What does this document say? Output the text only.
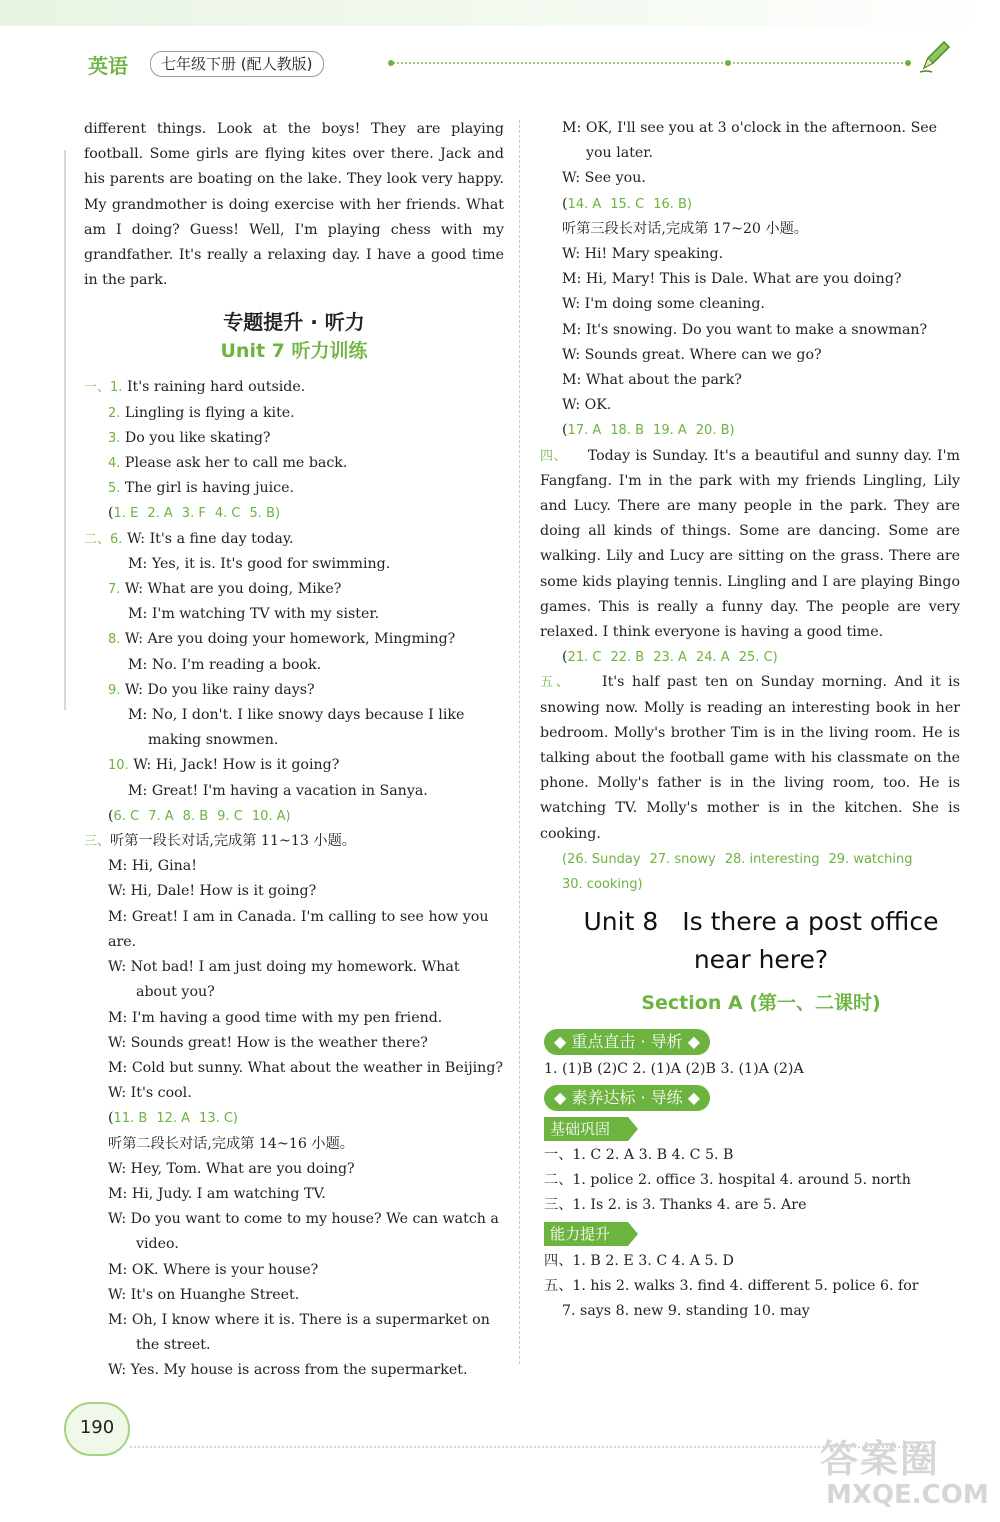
英语	七年级下册 (配人教版)

different things. Look at the boys! They are playing football. Some girls are flying kites over there. Jack and his parents are boating on the lake. They look very happy. My grandmother is doing exercise with her friends. What am I doing? Guess! Well, I'm playing chess with my grandfather. It's really a relaxing day. I have a good time in the park.

专题提升 · 听力
Unit 7 听力训练

一、1. It's raining hard outside.

2. Lingling is flying a kite.

3. Do you like skating?

4. Please ask her to call me back.

5. The girl is having juice.

(1. E 2. A 3. F 4. C 5. B)

二、6. W: It's a fine day today.

M: Yes, it is. It's good for swimming.

7. W: What are you doing, Mike?

M: I'm watching TV with my sister.

8. W: Are you doing your homework, Mingming?

M: No. I'm reading a book.

9. W: Do you like rainy days?

M: No, I don't. I like snowy days because I like making snowmen.

10. W: Hi, Jack! How is it going?

M: Great! I'm having a vacation in Sanya.

(6. C 7. A 8. B 9. C 10. A)

三、听第一段长对话,完成第 11~13 小题。

M: Hi, Gina!

W: Hi, Dale! How is it going?

M: Great! I am in Canada. I'm calling to see how you are.

W: Not bad! I am just doing my homework. What about you?

M: I'm having a good time with my pen friend.

W: Sounds great! How is the weather there?

M: Cold but sunny. What about the weather in Beijing?

W: It's cool.

(11. B 12. A 13. C)

听第二段长对话,完成第 14~16 小题。

W: Hey, Tom. What are you doing?

M: Hi, Judy. I am watching TV.

W: Do you want to come to my house? We can watch a video.

M: OK. Where is your house?

W: It's on Huanghe Street.

M: Oh, I know where it is. There is a supermarket on the street.

W: Yes. My house is across from the supermarket.

M: OK, I'll see you at 3 o'clock in the afternoon. See you later.

W: See you.

(14. A 15. C 16. B)

听第三段长对话,完成第 17~20 小题。

W: Hi! Mary speaking.

M: Hi, Mary! This is Dale. What are you doing?

W: I'm doing some cleaning.

M: It's snowing. Do you want to make a snowman?

W: Sounds great. Where can we go?

M: What about the park?

W: OK.

(17. A 18. B 19. A 20. B)

四、 Today is Sunday. It's a beautiful and sunny day. I'm Fangfang. I'm in the park with my friends Lingling, Lily and Lucy. There are many people in the park. They are doing all kinds of things. Some are dancing. Some are walking. Lily and Lucy are sitting on the grass. There are some kids playing tennis. Lingling and I are playing Bingo games. This is really a funny day. The people are very relaxed. I think everyone is having a good time.

(21. C 22. B 23. A 24. A 25. C)

五、 It's half past ten on Sunday morning. And it is snowing now. Molly is reading an interesting book in her bedroom. Molly's brother Tim is in the living room. He is talking about the football game with his classmate on the phone. Molly's father is in the living room, too. He is watching TV. Molly's mother is in the kitchen. She is cooking.

(26. Sunday 27. snowy 28. interesting 29. watching
30. cooking)

Unit 8 Is there a post office
near here?
Section A (第一、二课时)
◆ 重点直击 · 导析 ◆

1. (1)B (2)C 2. (1)A (2)B 3. (1)A (2)A

◆ 素养达标 · 导练 ◆
基础巩固

一、1. C 2. A 3. B 4. C 5. B

二、1. police 2. office 3. hospital 4. around 5. north

三、1. Is 2. is 3. Thanks 4. are 5. Are

能力提升

四、1. B 2. E 3. C 4. A 5. D

五、1. his 2. walks 3. find 4. different 5. police 6. for

7. says 8. new 9. standing 10. may

190
答案圈
MXQE.COM
